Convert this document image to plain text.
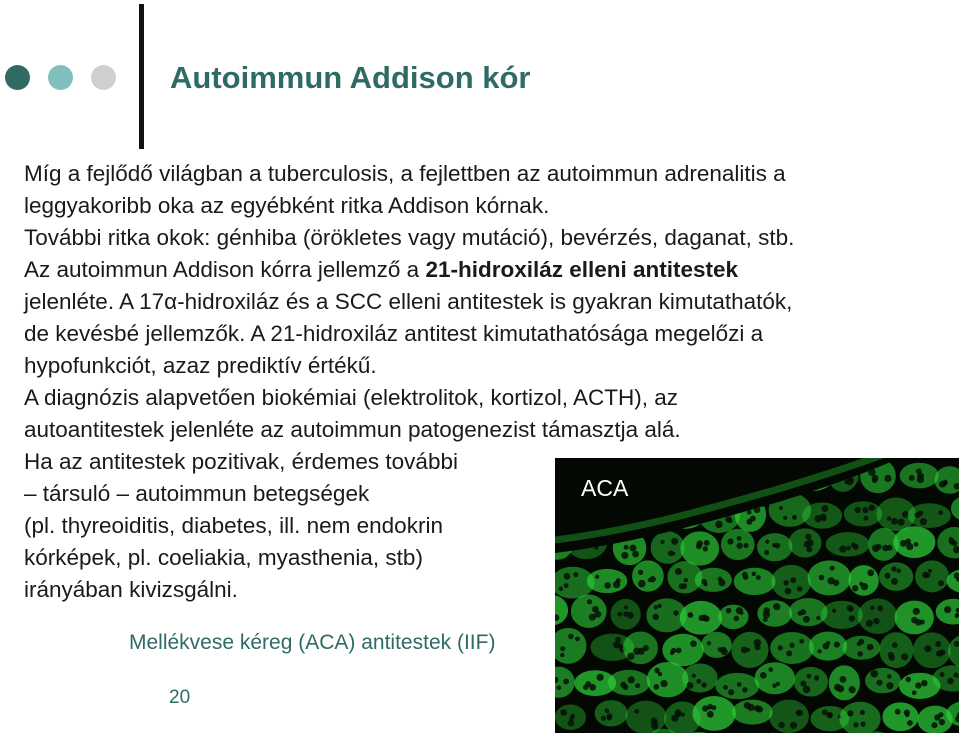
Autoimmun Addison kór
Míg a fejlődő világban a tuberculosis, a fejlettben az autoimmun adrenalitis a
leggyakoribb oka az egyébként ritka Addison kórnak.
További ritka okok: génhiba (örökletes vagy mutáció), bevérzés, daganat, stb.
Az autoimmun Addison kórra jellemző a 21-hidroxiláz elleni antitestek
jelenléte. A 17α-hidroxiláz és a SCC elleni antitestek is gyakran kimutathatók,
de kevésbé jellemzők. A 21-hidroxiláz antitest kimutathatósága megelőzi a
hypofunkciót, azaz prediktív értékű.
A diagnózis alapvetően biokémiai (elektrolitok, kortizol, ACTH), az
autoantitestek jelenléte az autoimmun patogenezist támasztja alá.
Ha az antitestek pozitivak, érdemes további
– társuló – autoimmun betegségek
(pl. thyreoiditis, diabetes, ill. nem endokrin
kórképek, pl. coeliakia, myasthenia, stb)
irányában kivizsgálni.
ACA
Mellékvese kéreg (ACA) antitestek (IIF)
20
